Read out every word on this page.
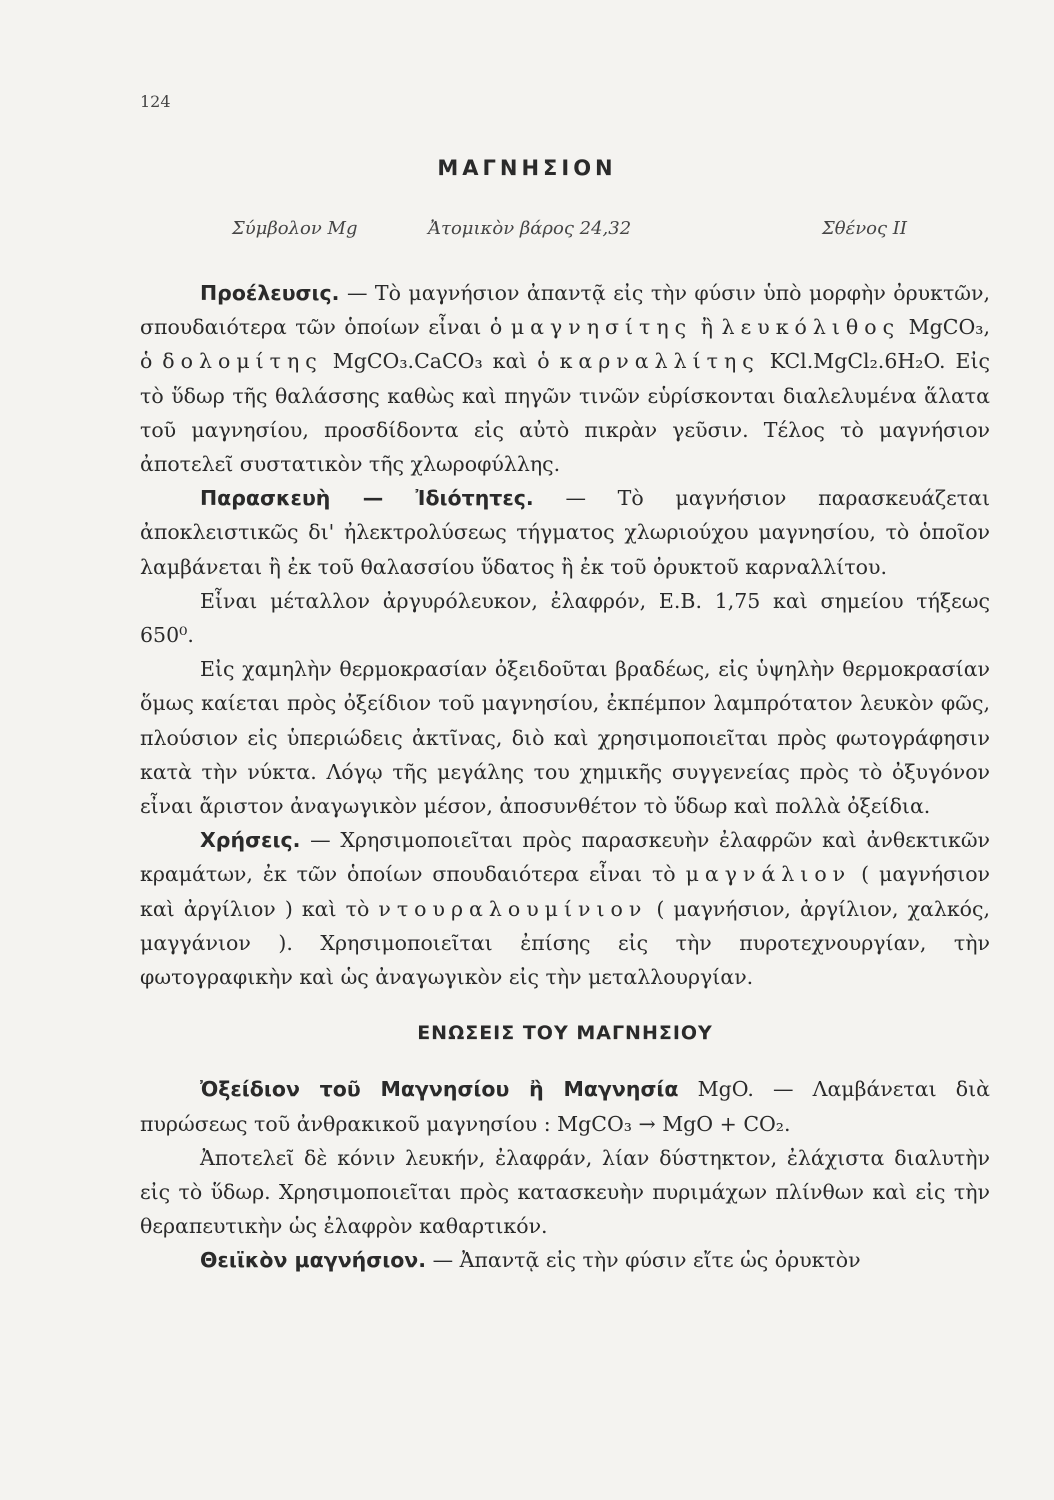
124
ΜΑΓΝΗΣΙΟΝ
Σύμβολον Mg	Ἀτομικὸν βάρος 24,32	Σθένος II

Προέλευσις. — Τὸ μαγνήσιον ἀπαντᾷ εἰς τὴν φύσιν ὑπὸ μορφὴν ὀρυκτῶν, σπουδαιότερα τῶν ὁποίων εἶναι ὁ μαγνησίτης ἢ λευκόλιθος MgCO₃, ὁ δολομίτης MgCO₃.CaCO₃ καὶ ὁ καρναλλίτης KCl.MgCl₂.6H₂O. Εἰς τὸ ὕδωρ τῆς θαλάσσης καθὼς καὶ πηγῶν τινῶν εὑρίσκονται διαλελυμένα ἅλατα τοῦ μαγνησίου, προσδίδοντα εἰς αὐτὸ πικρὰν γεῦσιν. Τέλος τὸ μαγνήσιον ἀποτελεῖ συστατικὸν τῆς χλωροφύλλης.

Παρασκευὴ — Ἰδιότητες. — Τὸ μαγνήσιον παρασκευάζεται ἀποκλειστικῶς δι' ἠλεκτρολύσεως τήγματος χλωριούχου μαγνησίου, τὸ ὁποῖον λαμβάνεται ἢ ἐκ τοῦ θαλασσίου ὕδατος ἢ ἐκ τοῦ ὀρυκτοῦ καρναλλίτου.

Εἶναι μέταλλον ἀργυρόλευκον, ἐλαφρόν, Ε.Β. 1,75 καὶ σημείου τήξεως 650⁰.

Εἰς χαμηλὴν θερμοκρασίαν ὀξειδοῦται βραδέως, εἰς ὑψηλὴν θερμοκρασίαν ὅμως καίεται πρὸς ὀξείδιον τοῦ μαγνησίου, ἐκπέμπον λαμπρότατον λευκὸν φῶς, πλούσιον εἰς ὑπεριώδεις ἀκτῖνας, διὸ καὶ χρησιμοποιεῖται πρὸς φωτογράφησιν κατὰ τὴν νύκτα. Λόγῳ τῆς μεγάλης του χημικῆς συγγενείας πρὸς τὸ ὀξυγόνον εἶναι ἄριστον ἀναγωγικὸν μέσον, ἀποσυνθέτον τὸ ὕδωρ καὶ πολλὰ ὀξείδια.

Χρήσεις. — Χρησιμοποιεῖται πρὸς παρασκευὴν ἐλαφρῶν καὶ ἀνθεκτικῶν κραμάτων, ἐκ τῶν ὁποίων σπουδαιότερα εἶναι τὸ μαγνάλιον ( μαγνήσιον καὶ ἀργίλιον ) καὶ τὸ ντουραλουμίνιον ( μαγνήσιον, ἀργίλιον, χαλκός, μαγγάνιον ). Χρησιμοποιεῖται ἐπίσης εἰς τὴν πυροτεχνουργίαν, τὴν φωτογραφικὴν καὶ ὡς ἀναγωγικὸν εἰς τὴν μεταλλουργίαν.

ΕΝΩΣΕΙΣ ΤΟΥ ΜΑΓΝΗΣΙΟΥ

Ὀξείδιον τοῦ Μαγνησίου ἢ Μαγνησία MgO. — Λαμβάνεται διὰ πυρώσεως τοῦ ἀνθρακικοῦ μαγνησίου : MgCO₃ → MgO + CO₂.

Ἀποτελεῖ δὲ κόνιν λευκήν, ἐλαφράν, λίαν δύστηκτον, ἐλάχιστα διαλυτὴν εἰς τὸ ὕδωρ. Χρησιμοποιεῖται πρὸς κατασκευὴν πυριμάχων πλίνθων καὶ εἰς τὴν θεραπευτικὴν ὡς ἐλαφρὸν καθαρτικόν.

Θειϊκὸν μαγνήσιον. — Ἀπαντᾷ εἰς τὴν φύσιν εἴτε ὡς ὀρυκτὸν
